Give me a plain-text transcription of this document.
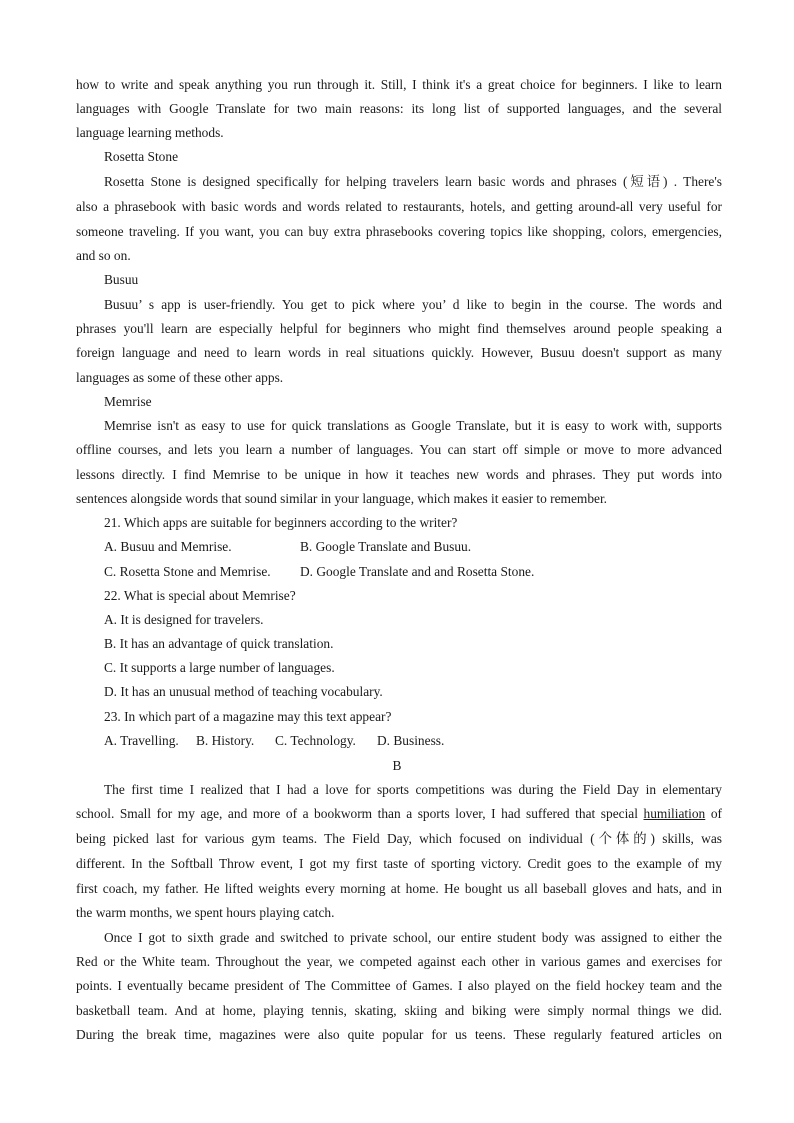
how to write and speak anything you run through it. Still, I think it's a great choice for beginners. I like to learn

languages with Google Translate for two main reasons: its long list of supported languages, and the several

language learning methods.

Rosetta Stone

Rosetta Stone is designed specifically for helping travelers learn basic words and phrases (短语) . There's

also a phrasebook with basic words and words related to restaurants, hotels, and getting around-all very useful for

someone traveling. If you want, you can buy extra phrasebooks covering topics like shopping, colors, emergencies,

and so on.

Busuu

Busuu’ s app is user-friendly. You get to pick where you’ d like to begin in the course. The words and

phrases you'll learn are especially helpful for beginners who might find themselves around people speaking a

foreign language and need to learn words in real situations quickly. However, Busuu doesn't support as many

languages as some of these other apps.

Memrise

Memrise isn't as easy to use for quick translations as Google Translate, but it is easy to work with, supports

offline courses, and lets you learn a number of languages. You can start off simple or move to more advanced

lessons directly. I find Memrise to be unique in how it teaches new words and phrases. They put words into

sentences alongside words that sound similar in your language, which makes it easier to remember.

21. Which apps are suitable for beginners according to the writer?

A. Busuu and Memrise.	B. Google Translate and Busuu.

C. Rosetta Stone and Memrise. D. Google Translate and and Rosetta Stone.

22. What is special about Memrise?

A. It is designed for travelers.

B. It has an advantage of quick translation.

C. It supports a large number of languages.

D. It has an unusual method of teaching vocabulary.

23. In which part of a magazine may this text appear?

A. Travelling. B. History. C. Technology. D. Business.

B

The first time I realized that I had a love for sports competitions was during the Field Day in elementary

school. Small for my age, and more of a bookworm than a sports lover, I had suffered that special humiliation of

being picked last for various gym teams. The Field Day, which focused on individual (个体的) skills, was

different. In the Softball Throw event, I got my first taste of sporting victory. Credit goes to the example of my

first coach, my father. He lifted weights every morning at home. He bought us all baseball gloves and hats, and in

the warm months, we spent hours playing catch.

Once I got to sixth grade and switched to private school, our entire student body was assigned to either the

Red or the White team. Throughout the year, we competed against each other in various games and exercises for

points. I eventually became president of The Committee of Games. I also played on the field hockey team and the

basketball team. And at home, playing tennis, skating, skiing and biking were simply normal things we did.

During the break time, magazines were also quite popular for us teens. These regularly featured articles on
